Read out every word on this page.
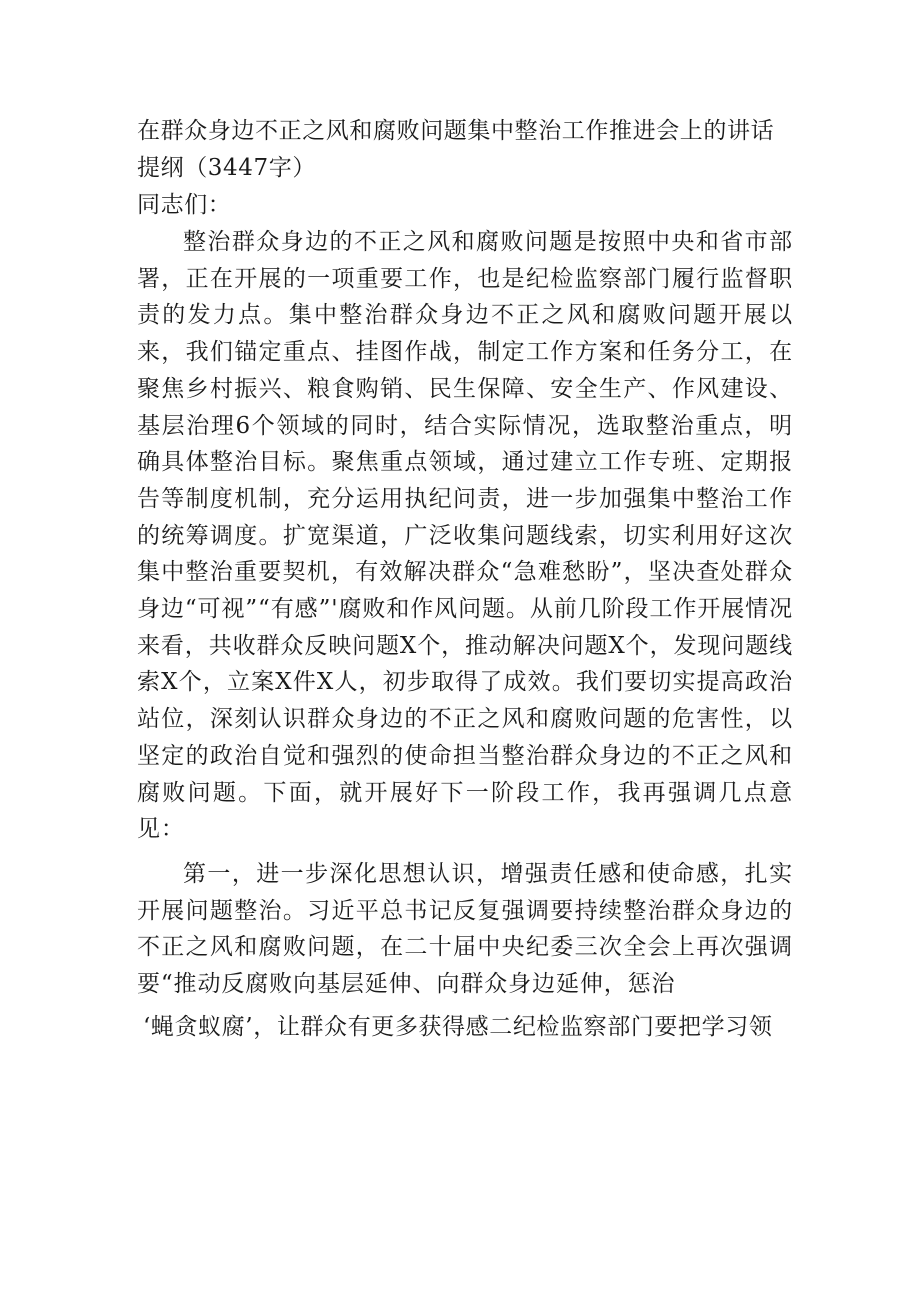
在群众身边不正之风和腐败问题集中整治工作推进会上的讲话提纲（3447字）

同志们：

整治群众身边的不正之风和腐败问题是按照中央和省市部署，正在开展的一项重要工作，也是纪检监察部门履行监督职责的发力点。集中整治群众身边不正之风和腐败问题开展以来，我们锚定重点、挂图作战，制定工作方案和任务分工，在聚焦乡村振兴、粮食购销、民生保障、安全生产、作风建设、基层治理6个领域的同时，结合实际情况，选取整治重点，明确具体整治目标。聚焦重点领域，通过建立工作专班、定期报告等制度机制，充分运用执纪问责，进一步加强集中整治工作的统筹调度。扩宽渠道，广泛收集问题线索，切实利用好这次集中整治重要契机，有效解决群众“急难愁盼”，坚决查处群众身边“可视”“有感”'腐败和作风问题。从前几阶段工作开展情况来看，共收群众反映问题X个，推动解决问题X个，发现问题线索X个，立案X件X人，初步取得了成效。我们要切实提高政治站位，深刻认识群众身边的不正之风和腐败问题的危害性，以坚定的政治自觉和强烈的使命担当整治群众身边的不正之风和腐败问题。下面，就开展好下一阶段工作，我再强调几点意见：

第一，进一步深化思想认识，增强责任感和使命感，扎实开展问题整治。习近平总书记反复强调要持续整治群众身边的不正之风和腐败问题，在二十届中央纪委三次全会上再次强调要“推动反腐败向基层延伸、向群众身边延伸，惩治

‘蝇贪蚁腐’，让群众有更多获得感二纪检监察部门要把学习领
